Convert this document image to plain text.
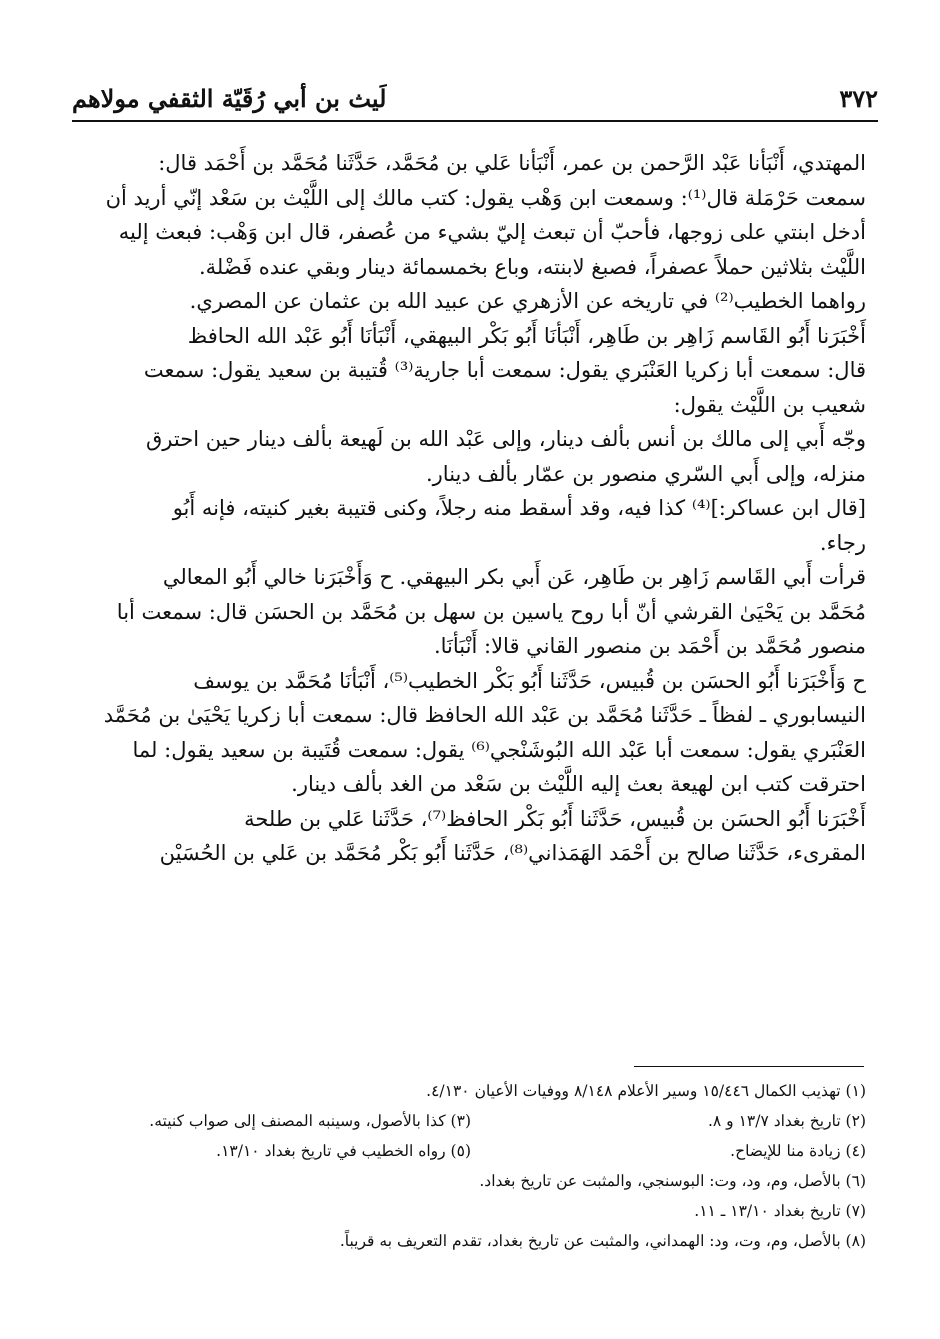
٣٧٢
لَيث بن أبي رُقَيّة الثقفي مولاهم

المهتدي، أَنْبَأنا عَبْد الرَّحمن بن عمر، أَنْبَأنا عَلي بن مُحَمَّد، حَدَّثَنا مُحَمَّد بن أَحْمَد قال:

سمعت حَرْمَلة قال⁽¹⁾: وسمعت ابن وَهْب يقول: كتب مالك إلى اللَّيْث بن سَعْد إنّي أريد أن

أدخل ابنتي على زوجها، فأحبّ أن تبعث إليّ بشيء من عُصفر، قال ابن وَهْب: فبعث إليه

اللَّيْث بثلاثين حملاً عصفراً، فصبغ لابنته، وباع بخمسمائة دينار وبقي عنده فَضْلة.

رواهما الخطيب⁽²⁾ في تاريخه عن الأزهري عن عبيد الله بن عثمان عن المصري.

أَخْبَرَنا أَبُو القَاسم زَاهِر بن طَاهِر، أَنْبَأنَا أَبُو بَكْر البيهقي، أَنْبَأنَا أَبُو عَبْد الله الحافظ

قال: سمعت أبا زكريا العَنْبَري يقول: سمعت أبا جارية⁽³⁾ قُتيبة بن سعيد يقول: سمعت

شعيب بن اللَّيْث يقول:

وجّه أَبي إلى مالك بن أنس بألف دينار، وإلى عَبْد الله بن لَهيعة بألف دينار حين احترق

منزله، وإلى أَبي السّري منصور بن عمّار بألف دينار.

[قال ابن عساكر:]⁽⁴⁾ كذا فيه، وقد أسقط منه رجلاً، وكنى قتيبة بغير كنيته، فإنه أَبُو

رجاء.

قرأت أَبي القَاسم زَاهِر بن طَاهِر، عَن أَبي بكر البيهقي. ح وَأَخْبَرَنا خالي أَبُو المعالي

مُحَمَّد بن يَحْيَىٰ القرشي أنّ أبا روح ياسين بن سهل بن مُحَمَّد بن الحسَن قال: سمعت أبا

منصور مُحَمَّد بن أَحْمَد بن منصور القاني قالا: أَنْبَأنَا.

ح وَأَخْبَرَنا أَبُو الحسَن بن قُبيس، حَدَّثَنا أَبُو بَكْر الخطيب⁽⁵⁾، أَنْبَأنَا مُحَمَّد بن يوسف

النيسابوري ـ لفظاً ـ حَدَّثَنا مُحَمَّد بن عَبْد الله الحافظ قال: سمعت أبا زكريا يَحْيَىٰ بن مُحَمَّد

العَنْبَري يقول: سمعت أبا عَبْد الله البُوشَنْجي⁽⁶⁾ يقول: سمعت قُتَيبة بن سعيد يقول: لما

احترقت كتب ابن لهيعة بعث إليه اللَّيْث بن سَعْد من الغد بألف دينار.

أَخْبَرَنا أَبُو الحسَن بن قُبيس، حَدَّثَنا أَبُو بَكْر الحافظ⁽⁷⁾، حَدَّثَنا عَلي بن طلحة

المقرىء، حَدَّثَنا صالح بن أَحْمَد الهَمَذاني⁽⁸⁾، حَدَّثَنا أَبُو بَكْر مُحَمَّد بن عَلي بن الحُسَيْن

(١) تهذيب الكمال ١٥/٤٤٦ وسير الأعلام ٨/١٤٨ ووفيات الأعيان ٤/١٣٠.
(٢) تاريخ بغداد ١٣/٧ و ٨.
(٣) كذا بالأصول، وسينبه المصنف إلى صواب كنيته.
(٤) زيادة منا للإيضاح.
(٥) رواه الخطيب في تاريخ بغداد ١٣/١٠.
(٦) بالأصل، وم، ود، وت: البوسنجي، والمثبت عن تاريخ بغداد.
(٧) تاريخ بغداد ١٣/١٠ ـ ١١.
(٨) بالأصل، وم، وت، ود: الهمداني، والمثبت عن تاريخ بغداد، تقدم التعريف به قريباً.
